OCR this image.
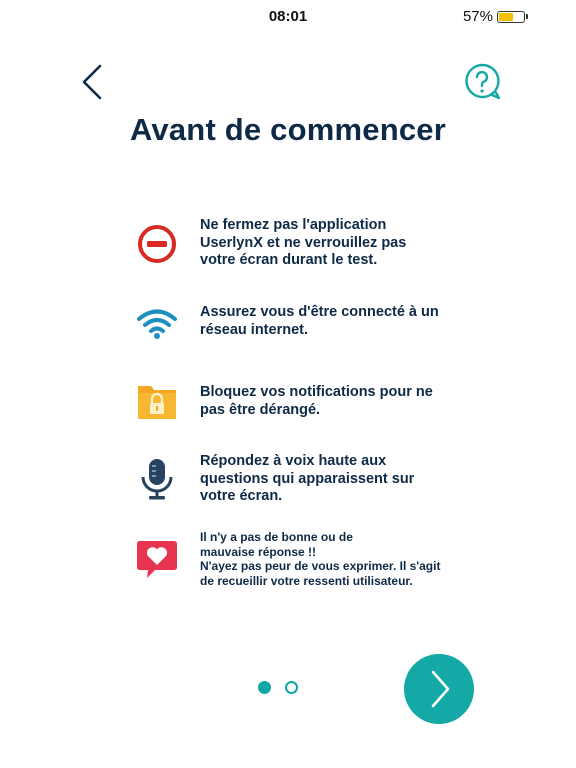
08:01	57%
Avant de commencer
Ne fermez pas l'application
UserlynX et ne verrouillez pas
votre écran durant le test.
Assurez vous d'être connecté à un
réseau internet.
Bloquez vos notifications pour ne
pas être dérangé.
Répondez à voix haute aux
questions qui apparaissent sur
votre écran.
Il n'y a pas de bonne ou de
mauvaise réponse !!
N'ayez pas peur de vous exprimer. Il s'agit
de recueillir votre ressenti utilisateur.
